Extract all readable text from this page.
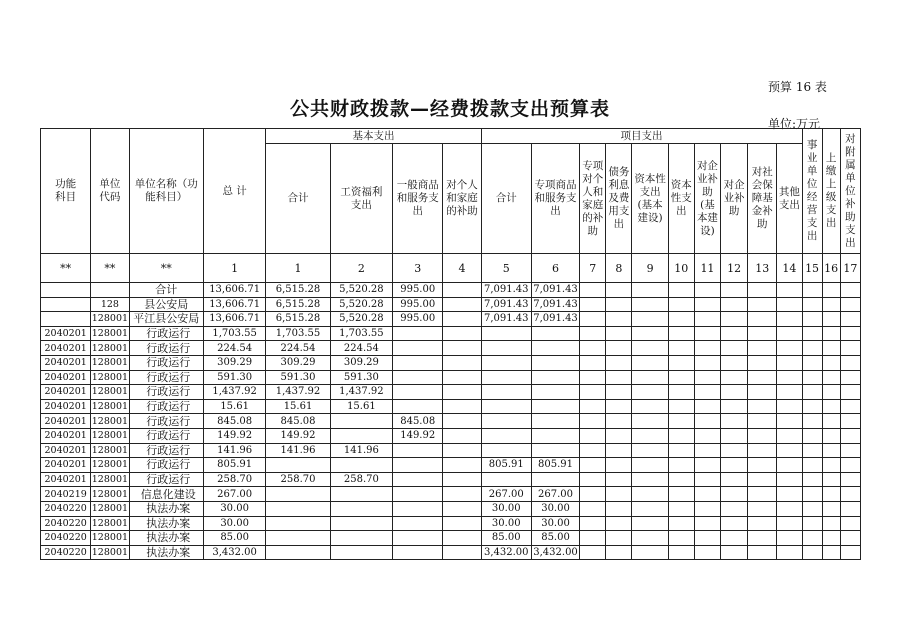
预算 16 表
公共财政拨款—经费拨款支出预算表
单位:万元
功能科目	单位代码	单位名称（功能科目）	总 计	基本支出				项目支出										事业单位经营支出	上缴上级支出	对附属单位补助支出
				合计	工资福利支出	一般商品和服务支出	对个人和家庭的补助	合计	专项商品和服务支出	专项对个人和家庭的补助	债务利息及费用支出	资本性支出(基本建设)	资本性支出	对企业补助(基本建设)	对企业补助	对社会保障基金补助	其他支出			
**	**	**	1	1	2	3	4	5	6	7	8	9	10	11	12	13	14	15	16	17
		合计	13,606.71	6,515.28	5,520.28	995.00		7,091.43	7,091.43											
	128	县公安局	13,606.71	6,515.28	5,520.28	995.00		7,091.43	7,091.43											
	128001	平江县公安局	13,606.71	6,515.28	5,520.28	995.00		7,091.43	7,091.43											
2040201	128001	行政运行	1,703.55	1,703.55	1,703.55															
2040201	128001	行政运行	224.54	224.54	224.54															
2040201	128001	行政运行	309.29	309.29	309.29															
2040201	128001	行政运行	591.30	591.30	591.30															
2040201	128001	行政运行	1,437.92	1,437.92	1,437.92															
2040201	128001	行政运行	15.61	15.61	15.61															
2040201	128001	行政运行	845.08	845.08		845.08														
2040201	128001	行政运行	149.92	149.92		149.92														
2040201	128001	行政运行	141.96	141.96	141.96															
2040201	128001	行政运行	805.91					805.91	805.91											
2040201	128001	行政运行	258.70	258.70	258.70															
2040219	128001	信息化建设	267.00					267.00	267.00											
2040220	128001	执法办案	30.00					30.00	30.00											
2040220	128001	执法办案	30.00					30.00	30.00											
2040220	128001	执法办案	85.00					85.00	85.00											
2040220	128001	执法办案	3,432.00					3,432.00	3,432.00											
